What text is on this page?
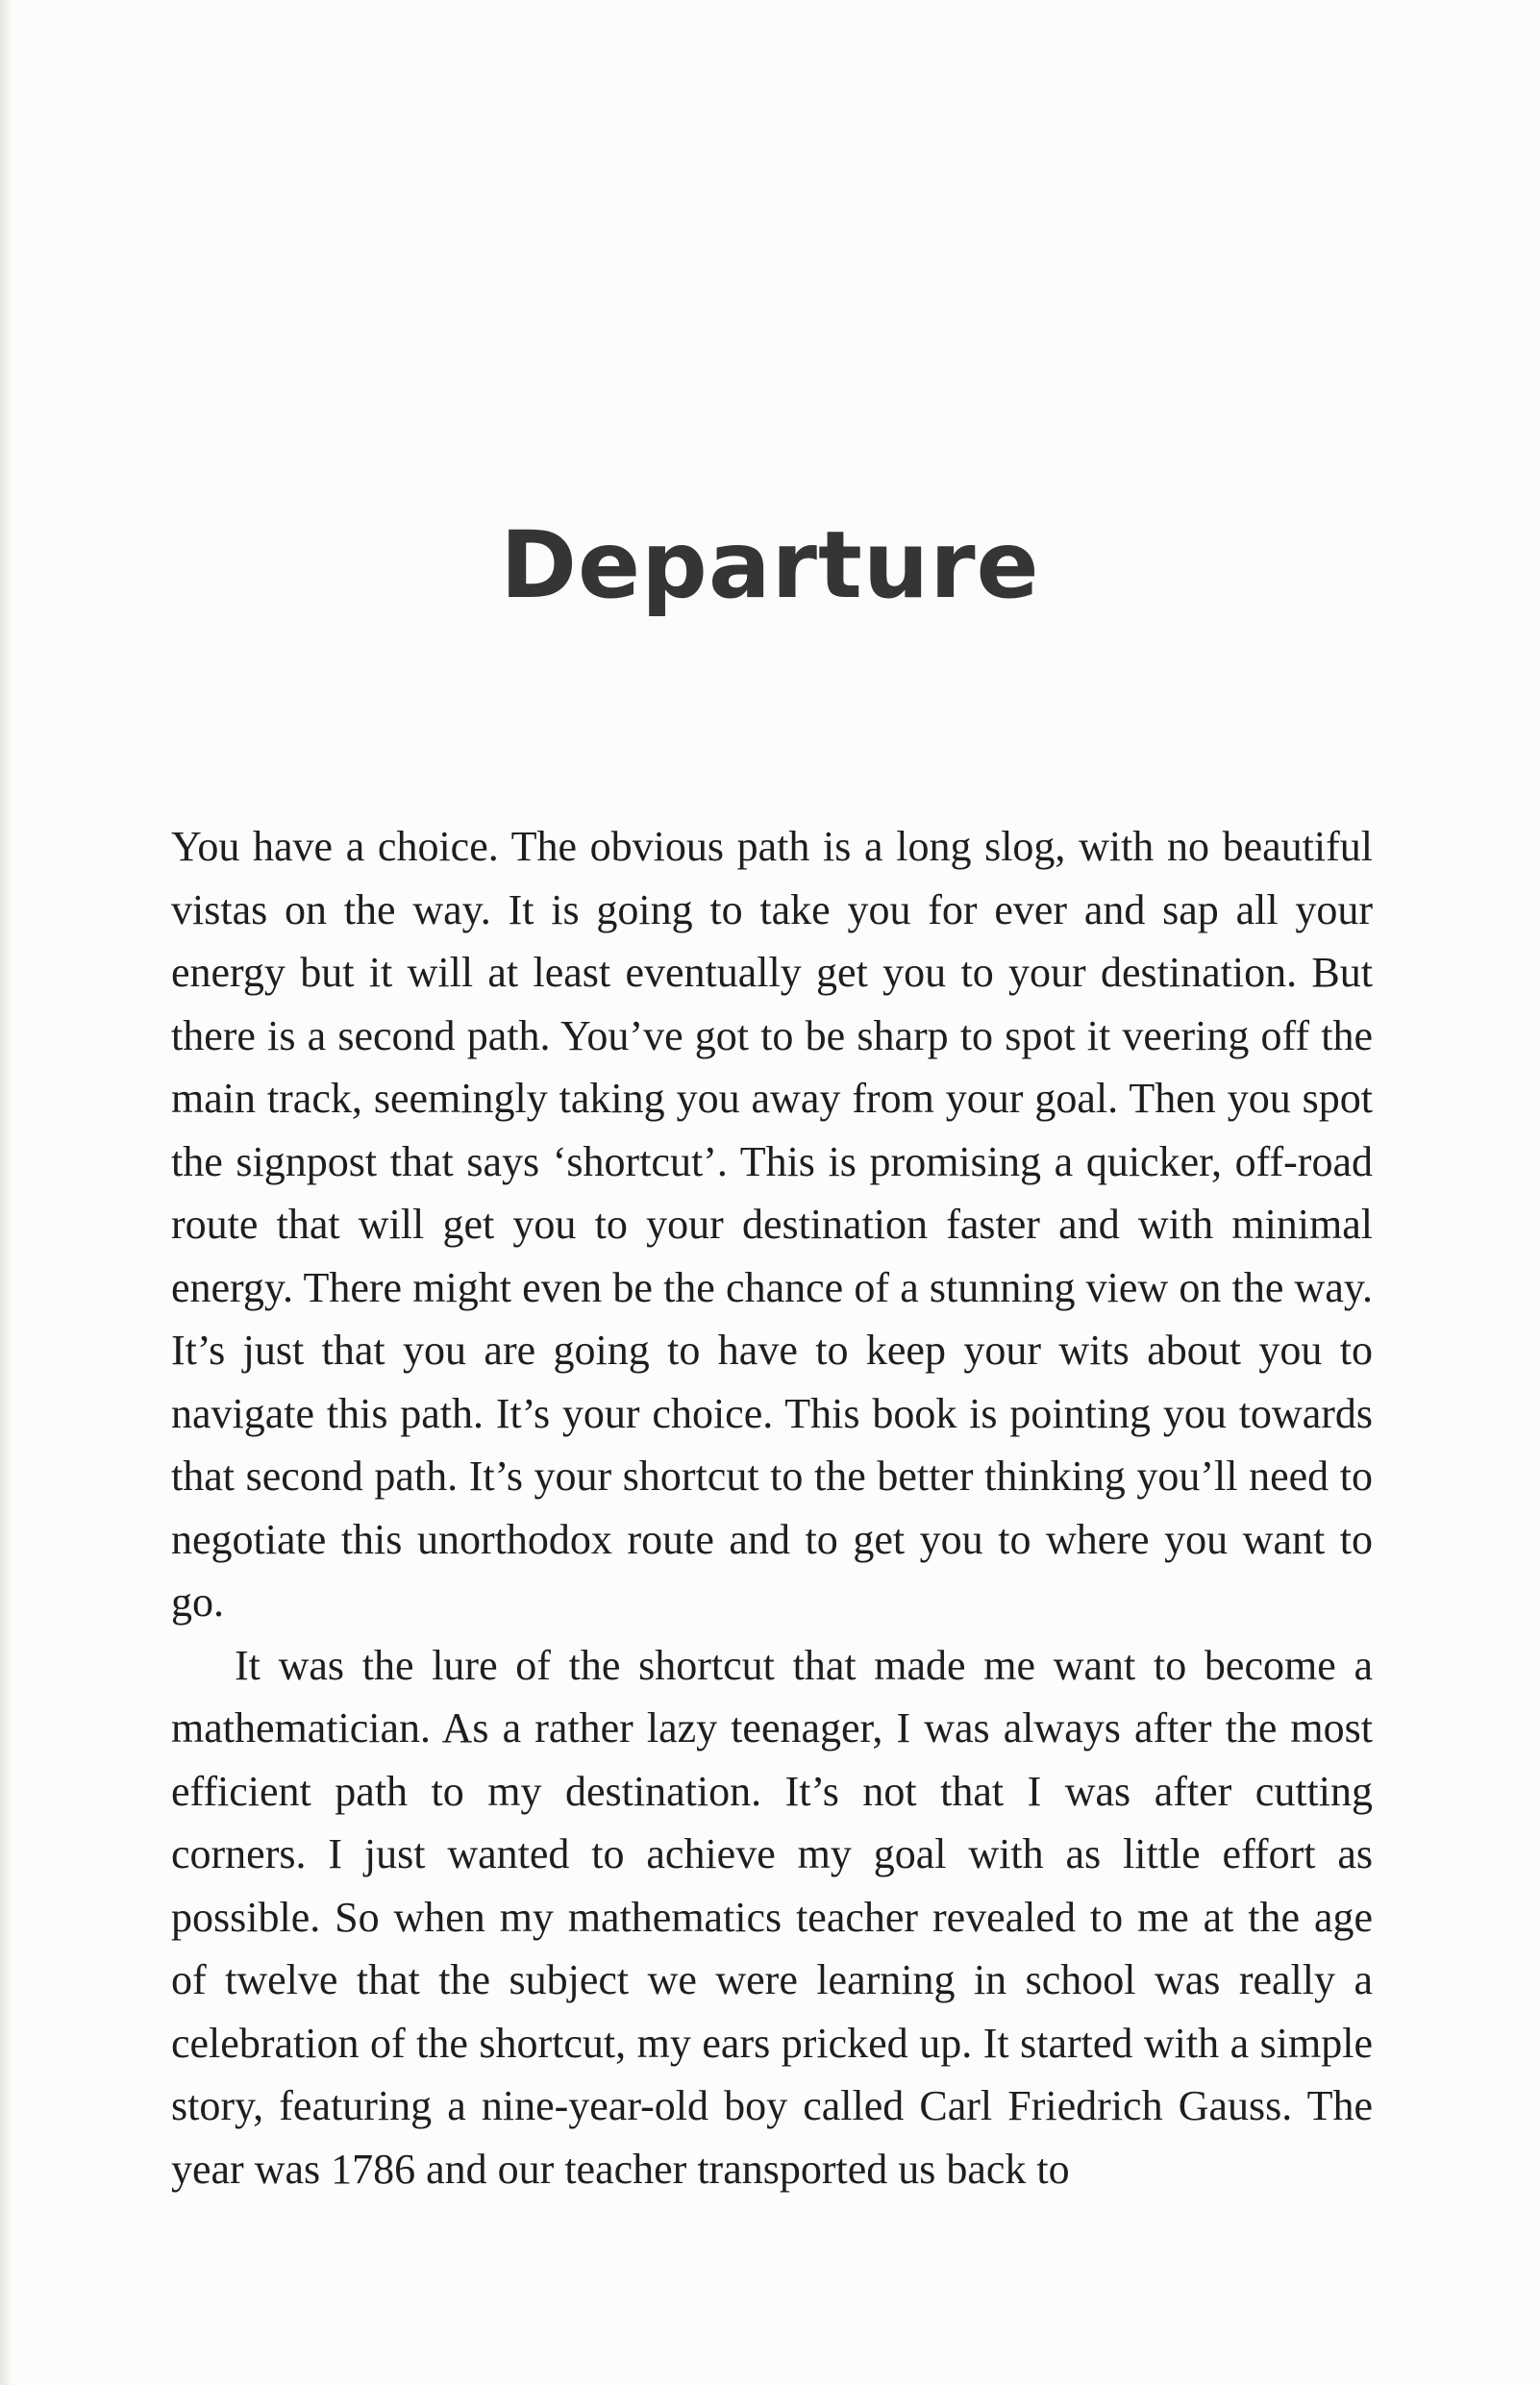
Departure

You have a choice. The obvious path is a long slog, with no beautiful vistas on the way. It is going to take you for ever and sap all your energy but it will at least eventually get you to your destination. But there is a second path. You’ve got to be sharp to spot it veering off the main track, seemingly taking you away from your goal. Then you spot the signpost that says ‘shortcut’. This is promising a quicker, off-road route that will get you to your destination faster and with minimal energy. There might even be the chance of a stunning view on the way. It’s just that you are going to have to keep your wits about you to navigate this path. It’s your choice. This book is pointing you towards that second path. It’s your shortcut to the better thinking you’ll need to negotiate this unorthodox route and to get you to where you want to go.

It was the lure of the shortcut that made me want to become a mathematician. As a rather lazy teenager, I was always after the most efficient path to my destination. It’s not that I was after cutting corners. I just wanted to achieve my goal with as little effort as possible. So when my mathematics teacher revealed to me at the age of twelve that the subject we were learning in school was really a celebration of the shortcut, my ears pricked up. It started with a simple story, featuring a nine-year-old boy called Carl Friedrich Gauss. The year was 1786 and our teacher transported us back to
